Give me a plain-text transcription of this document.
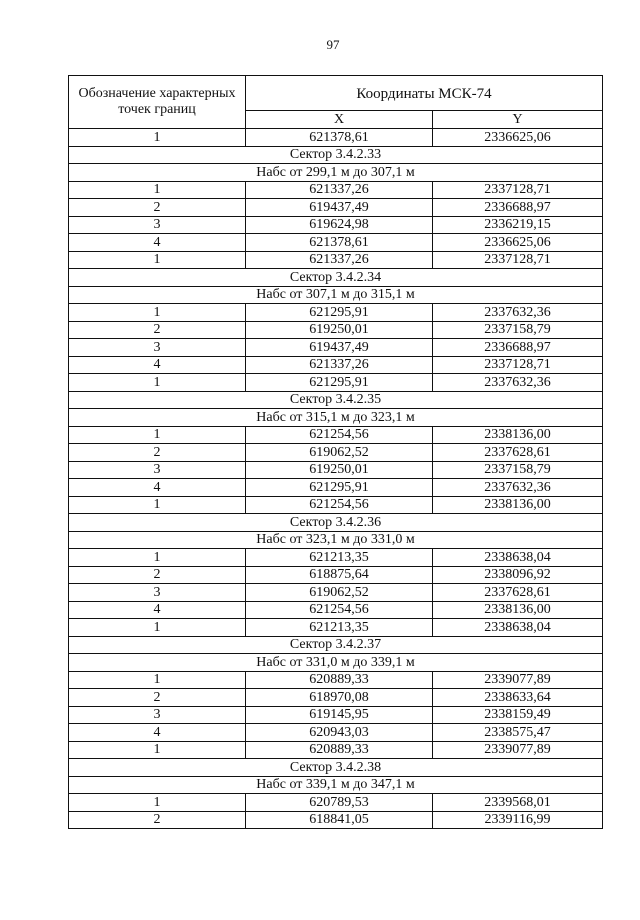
97
Обозначение характерных точек границ
Координаты МСК-74
X	Y
1	621378,61	2336625,06
Сектор 3.4.2.33
Набс от 299,1 м до 307,1 м
1	621337,26	2337128,71
2	619437,49	2336688,97
3	619624,98	2336219,15
4	621378,61	2336625,06
1	621337,26	2337128,71
Сектор 3.4.2.34
Набс от 307,1 м до 315,1 м
1	621295,91	2337632,36
2	619250,01	2337158,79
3	619437,49	2336688,97
4	621337,26	2337128,71
1	621295,91	2337632,36
Сектор 3.4.2.35
Набс от 315,1 м до 323,1 м
1	621254,56	2338136,00
2	619062,52	2337628,61
3	619250,01	2337158,79
4	621295,91	2337632,36
1	621254,56	2338136,00
Сектор 3.4.2.36
Набс от 323,1 м до 331,0 м
1	621213,35	2338638,04
2	618875,64	2338096,92
3	619062,52	2337628,61
4	621254,56	2338136,00
1	621213,35	2338638,04
Сектор 3.4.2.37
Набс от 331,0 м до 339,1 м
1	620889,33	2339077,89
2	618970,08	2338633,64
3	619145,95	2338159,49
4	620943,03	2338575,47
1	620889,33	2339077,89
Сектор 3.4.2.38
Набс от 339,1 м до 347,1 м
1	620789,53	2339568,01
2	618841,05	2339116,99
